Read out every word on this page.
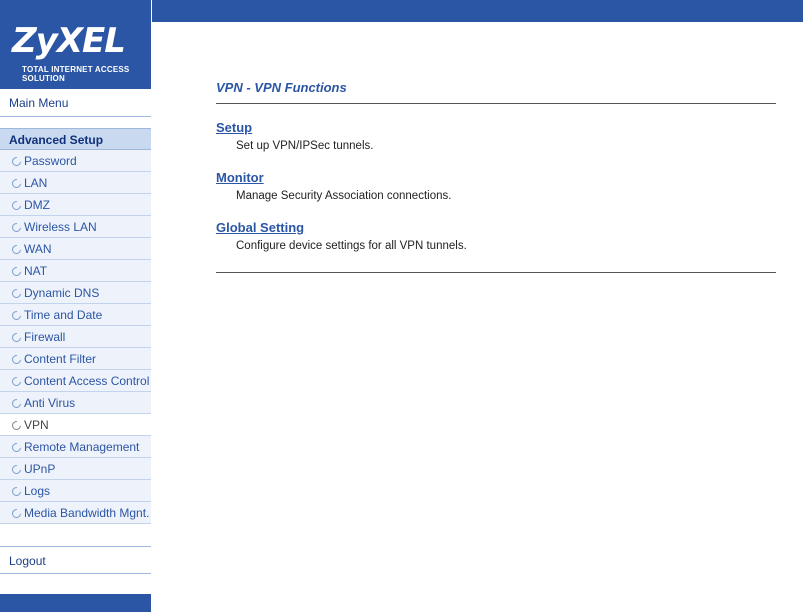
SITE MAP HELP
ZyXEL
TOTAL INTERNET ACCESS SOLUTION
Main Menu
Advanced Setup
Password
LAN
DMZ
Wireless LAN
WAN
NAT
Dynamic DNS
Time and Date
Firewall
Content Filter
Content Access Control
Anti Virus
VPN
Remote Management
UPnP
Logs
Media Bandwidth Mgnt.
Logout
VPN - VPN Functions
Setup
Set up VPN/IPSec tunnels.
Monitor
Manage Security Association connections.
Global Setting
Configure device settings for all VPN tunnels.
